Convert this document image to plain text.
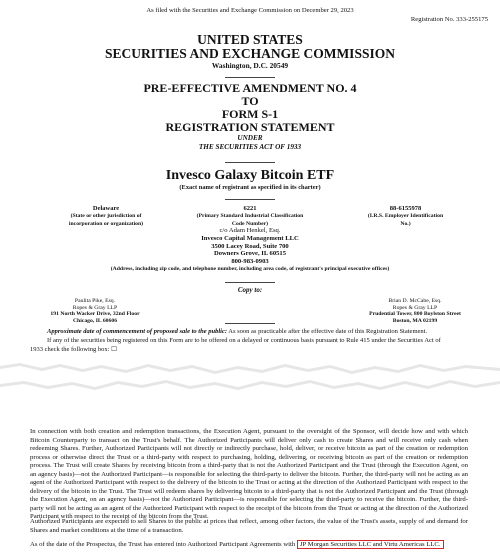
As filed with the Securities and Exchange Commission on December 29, 2023
Registration No. 333-255175
UNITED STATES
SECURITIES AND EXCHANGE COMMISSION
Washington, D.C. 20549
PRE-EFFECTIVE AMENDMENT NO. 4
TO
FORM S-1
REGISTRATION STATEMENT
UNDER
THE SECURITIES ACT OF 1933
Invesco Galaxy Bitcoin ETF
(Exact name of registrant as specified in its charter)
Delaware
(State or other jurisdiction of incorporation or organization)
6221
(Primary Standard Industrial Classification Code Number)
88-6155978
(I.R.S. Employer Identification No.)
c/o Adam Henkel, Esq.
Invesco Capital Management LLC
3500 Lacey Road, Suite 700
Downers Grove, IL 60515
800-983-0903
(Address, including zip code, and telephone number, including area code, of registrant's principal executive offices)
Copy to:
Paulita Pike, Esq.
Ropes & Gray LLP
191 North Wacker Drive, 32nd Floor
Chicago, IL 60606
Brian D. McCabe, Esq.
Ropes & Gray LLP
Prudential Tower, 800 Boylston Street
Boston, MA 02199
Approximate date of commencement of proposed sale to the public: As soon as practicable after the effective date of this Registration Statement.
If any of the securities being registered on this Form are to be offered on a delayed or continuous basis pursuant to Rule 415 under the Securities Act of
1933 check the following box: ☐
In connection with both creation and redemption transactions, the Execution Agent, pursuant to the oversight of the Sponsor, will decide how and with which Bitcoin Counterparty to transact on the Trust's behalf. The Authorized Participants will deliver only cash to create Shares and will receive only cash when redeeming Shares. Further, Authorized Participants will not directly or indirectly purchase, hold, deliver, or receive bitcoin as part of the creation or redemption process or otherwise direct the Trust or a third-party with respect to purchasing, holding, delivering, or receiving bitcoin as part of the creation or redemption process. The Trust will create Shares by receiving bitcoin from a third-party that is not the Authorized Participant and the Trust (through the Execution Agent, on an agency basis)—not the Authorized Participant—is responsible for selecting the third-party to deliver the bitcoin. Further, the third-party will not be acting as an agent of the Authorized Participant with respect to the delivery of the bitcoin to the Trust or acting at the direction of the Authorized Participant with respect to the delivery of the bitcoin to the Trust. The Trust will redeem shares by delivering bitcoin to a third-party that is not the Authorized Participant and the Trust (through the Execution Agent, on an agency basis)—not the Authorized Participant—is responsible for selecting the third-party to receive the bitcoin. Further, the third-party will not be acting as an agent of the Authorized Participant with respect to the receipt of the bitcoin from the Trust or acting at the direction of the Authorized Participant with respect to the receipt of the bitcoin from the Trust.
Authorized Participants are expected to sell Shares to the public at prices that reflect, among other factors, the value of the Trust's assets, supply of and demand for Shares and market conditions at the time of a transaction.
As of the date of the Prospectus, the Trust has entered into Authorized Participant Agreements with JP Morgan Securities LLC and Virtu Americas LLC.
